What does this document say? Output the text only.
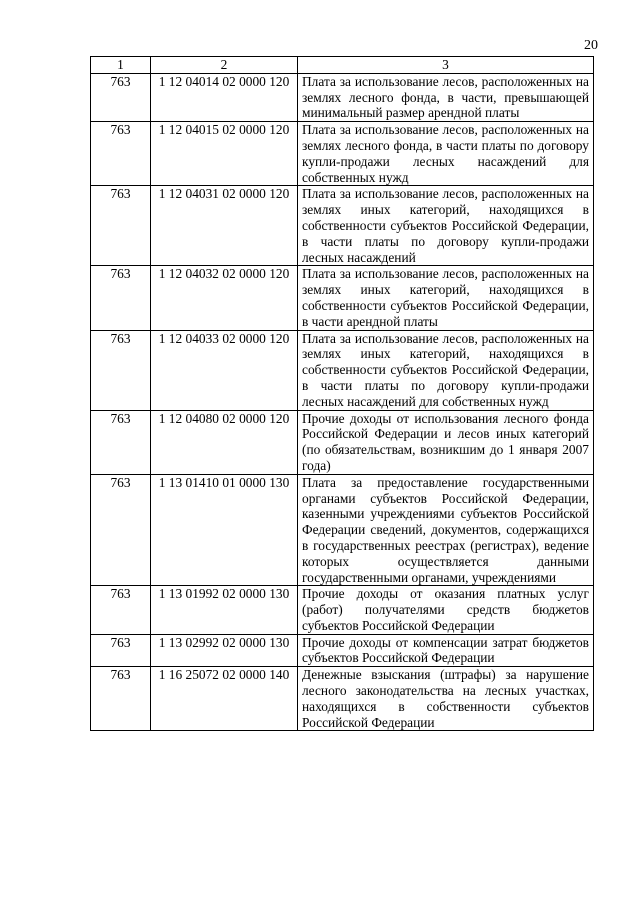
20
1	2	3
763	1 12 04014 02 0000 120	Плата за использование лесов, расположенных на землях лесного фонда, в части, превышающей минимальный размер арендной платы
763	1 12 04015 02 0000 120	Плата за использование лесов, расположенных на землях лесного фонда, в части платы по договору купли-продажи лесных насаждений для собственных нужд
763	1 12 04031 02 0000 120	Плата за использование лесов, расположенных на землях иных категорий, находящихся в собственности субъектов Российской Федерации, в части платы по договору купли-продажи лесных насаждений
763	1 12 04032 02 0000 120	Плата за использование лесов, расположенных на землях иных категорий, находящихся в собственности субъектов Российской Федерации, в части арендной платы
763	1 12 04033 02 0000 120	Плата за использование лесов, расположенных на землях иных категорий, находящихся в собственности субъектов Российской Федерации, в части платы по договору купли-продажи лесных насаждений для собственных нужд
763	1 12 04080 02 0000 120	Прочие доходы от использования лесного фонда Российской Федерации и лесов иных категорий (по обязательствам, возникшим до 1 января 2007 года)
763	1 13 01410 01 0000 130	Плата за предоставление государственными органами субъектов Российской Федерации, казенными учреждениями субъектов Российской Федерации сведений, документов, содержащихся в государственных реестрах (регистрах), ведение которых осуществляется данными государственными органами, учреждениями
763	1 13 01992 02 0000 130	Прочие доходы от оказания платных услуг (работ) получателями средств бюджетов субъектов Российской Федерации
763	1 13 02992 02 0000 130	Прочие доходы от компенсации затрат бюджетов субъектов Российской Федерации
763	1 16 25072 02 0000 140	Денежные взыскания (штрафы) за нарушение лесного законодательства на лесных участках, находящихся в собственности субъектов Российской Федерации
